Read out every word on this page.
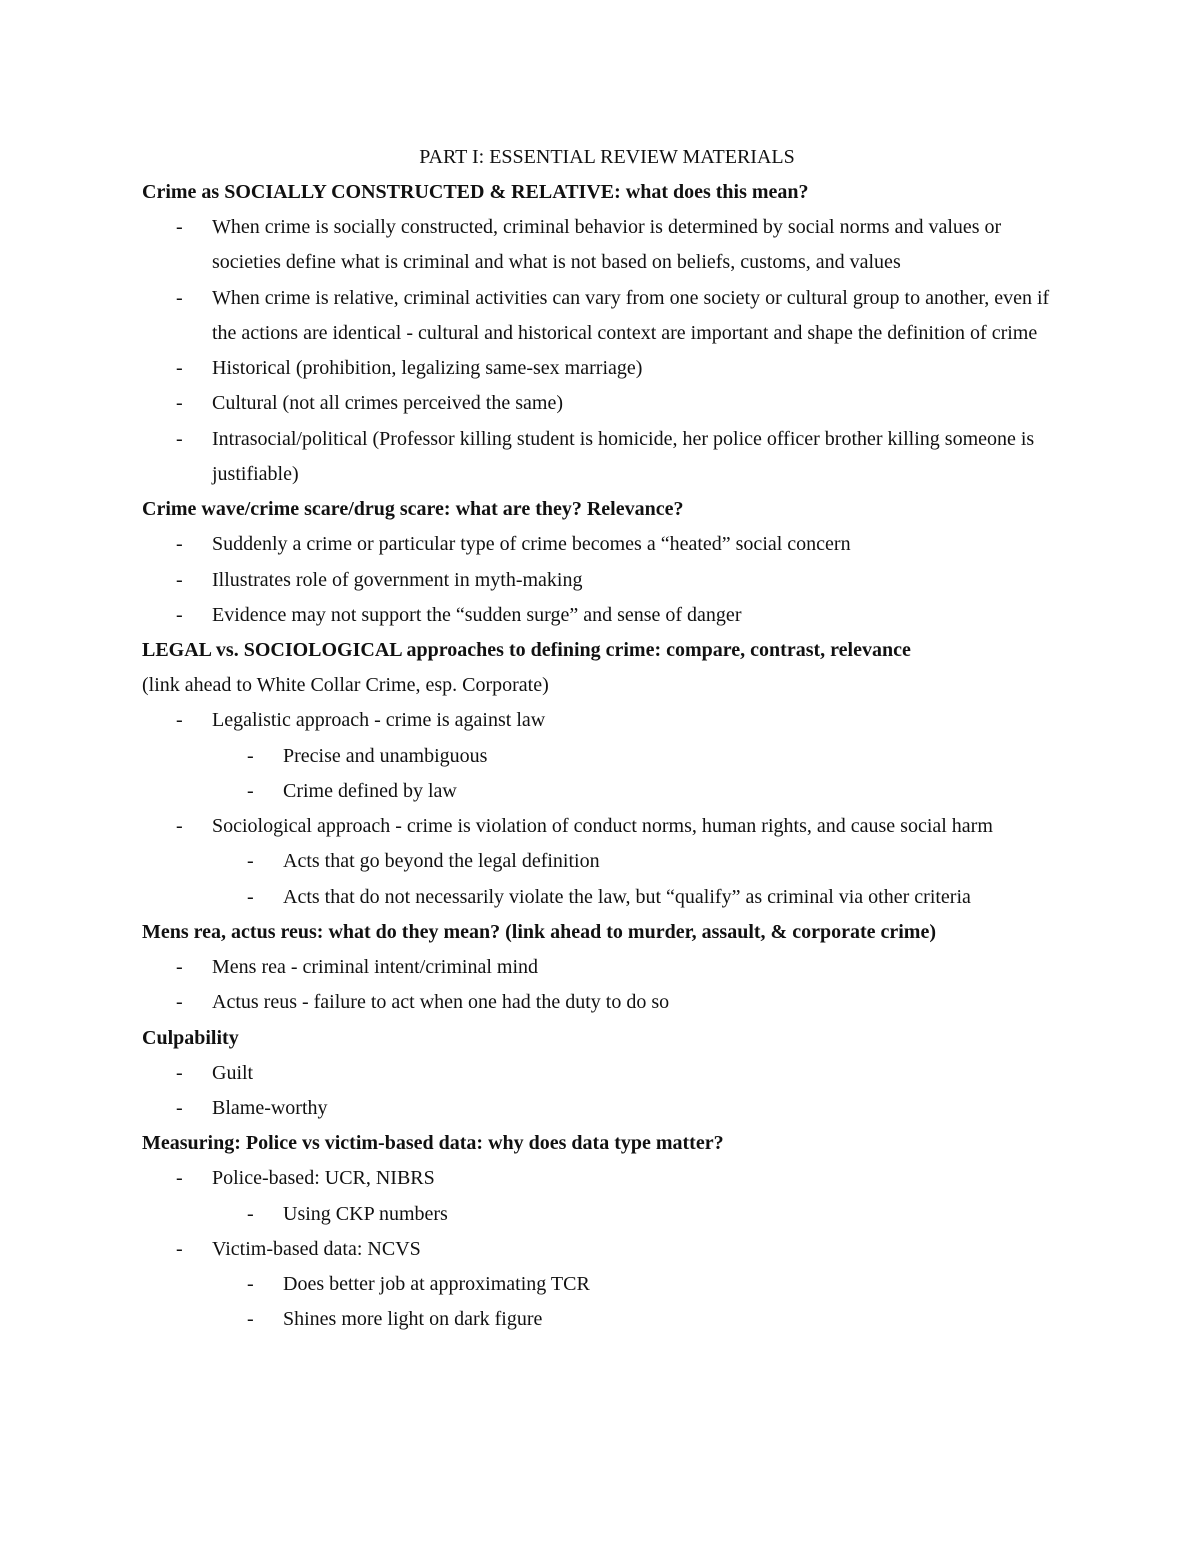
PART I: ESSENTIAL REVIEW MATERIALS
Crime as SOCIALLY CONSTRUCTED & RELATIVE: what does this mean?
-	When crime is socially constructed, criminal behavior is determined by social norms and values or societies define what is criminal and what is not based on beliefs, customs, and values
-	When crime is relative, criminal activities can vary from one society or cultural group to another, even if the actions are identical - cultural and historical context are important and shape the definition of crime
-	Historical (prohibition, legalizing same-sex marriage)
-	Cultural (not all crimes perceived the same)
-	Intrasocial/political (Professor killing student is homicide, her police officer brother killing someone is justifiable)
Crime wave/crime scare/drug scare: what are they? Relevance?
-	Suddenly a crime or particular type of crime becomes a “heated” social concern
-	Illustrates role of government in myth-making
-	Evidence may not support the “sudden surge” and sense of danger
LEGAL vs. SOCIOLOGICAL approaches to defining crime: compare, contrast, relevance
(link ahead to White Collar Crime, esp. Corporate)
-	Legalistic approach - crime is against law
-	Precise and unambiguous
-	Crime defined by law
-	Sociological approach - crime is violation of conduct norms, human rights, and cause social harm
-	Acts that go beyond the legal definition
-	Acts that do not necessarily violate the law, but “qualify” as criminal via other criteria
Mens rea, actus reus: what do they mean? (link ahead to murder, assault, & corporate crime)
-	Mens rea - criminal intent/criminal mind
-	Actus reus - failure to act when one had the duty to do so
Culpability
-	Guilt
-	Blame-worthy
Measuring: Police vs victim-based data: why does data type matter?
-	Police-based: UCR, NIBRS
-	Using CKP numbers
-	Victim-based data: NCVS
-	Does better job at approximating TCR
-	Shines more light on dark figure
